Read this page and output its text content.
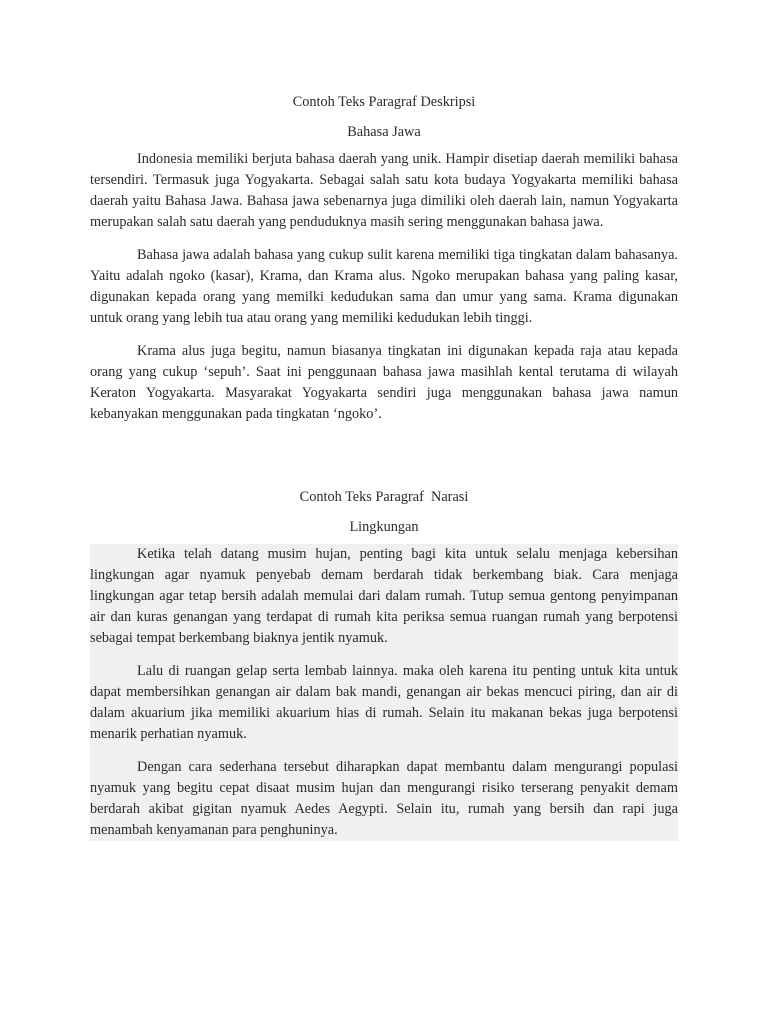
Contoh Teks Paragraf Deskripsi

Bahasa Jawa

Indonesia memiliki berjuta bahasa daerah yang unik. Hampir disetiap daerah memiliki bahasa tersendiri. Termasuk juga Yogyakarta. Sebagai salah satu kota budaya Yogyakarta memiliki bahasa daerah yaitu Bahasa Jawa. Bahasa jawa sebenarnya juga dimiliki oleh daerah lain, namun Yogyakarta merupakan salah satu daerah yang penduduknya masih sering menggunakan bahasa jawa.

Bahasa jawa adalah bahasa yang cukup sulit karena memiliki tiga tingkatan dalam bahasanya. Yaitu adalah ngoko (kasar), Krama, dan Krama alus. Ngoko merupakan bahasa yang paling kasar, digunakan kepada orang yang memilki kedudukan sama dan umur yang sama. Krama digunakan untuk orang yang lebih tua atau orang yang memiliki kedudukan lebih tinggi.

Krama alus juga begitu, namun biasanya tingkatan ini digunakan kepada raja atau kepada orang yang cukup ‘sepuh’. Saat ini penggunaan bahasa jawa masihlah kental terutama di wilayah Keraton Yogyakarta. Masyarakat Yogyakarta sendiri juga menggunakan bahasa jawa namun kebanyakan menggunakan pada tingkatan ‘ngoko’.

Contoh Teks Paragraf  Narasi

Lingkungan

Ketika telah datang musim hujan, penting bagi kita untuk selalu menjaga kebersihan lingkungan agar nyamuk penyebab demam berdarah tidak berkembang biak. Cara menjaga lingkungan agar tetap bersih adalah memulai dari dalam rumah. Tutup semua gentong penyimpanan air dan kuras genangan yang terdapat di rumah kita periksa semua ruangan rumah yang berpotensi sebagai tempat berkembang biaknya jentik nyamuk.

Lalu di ruangan gelap serta lembab lainnya. maka oleh karena itu penting untuk kita untuk dapat membersihkan genangan air dalam bak mandi, genangan air bekas mencuci piring, dan air di dalam akuarium jika memiliki akuarium hias di rumah. Selain itu makanan bekas juga berpotensi menarik perhatian nyamuk.

Dengan cara sederhana tersebut diharapkan dapat membantu dalam mengurangi populasi nyamuk yang begitu cepat disaat musim hujan dan mengurangi risiko terserang penyakit demam berdarah akibat gigitan nyamuk Aedes Aegypti. Selain itu, rumah yang bersih dan rapi juga menambah kenyamanan para penghuninya.
